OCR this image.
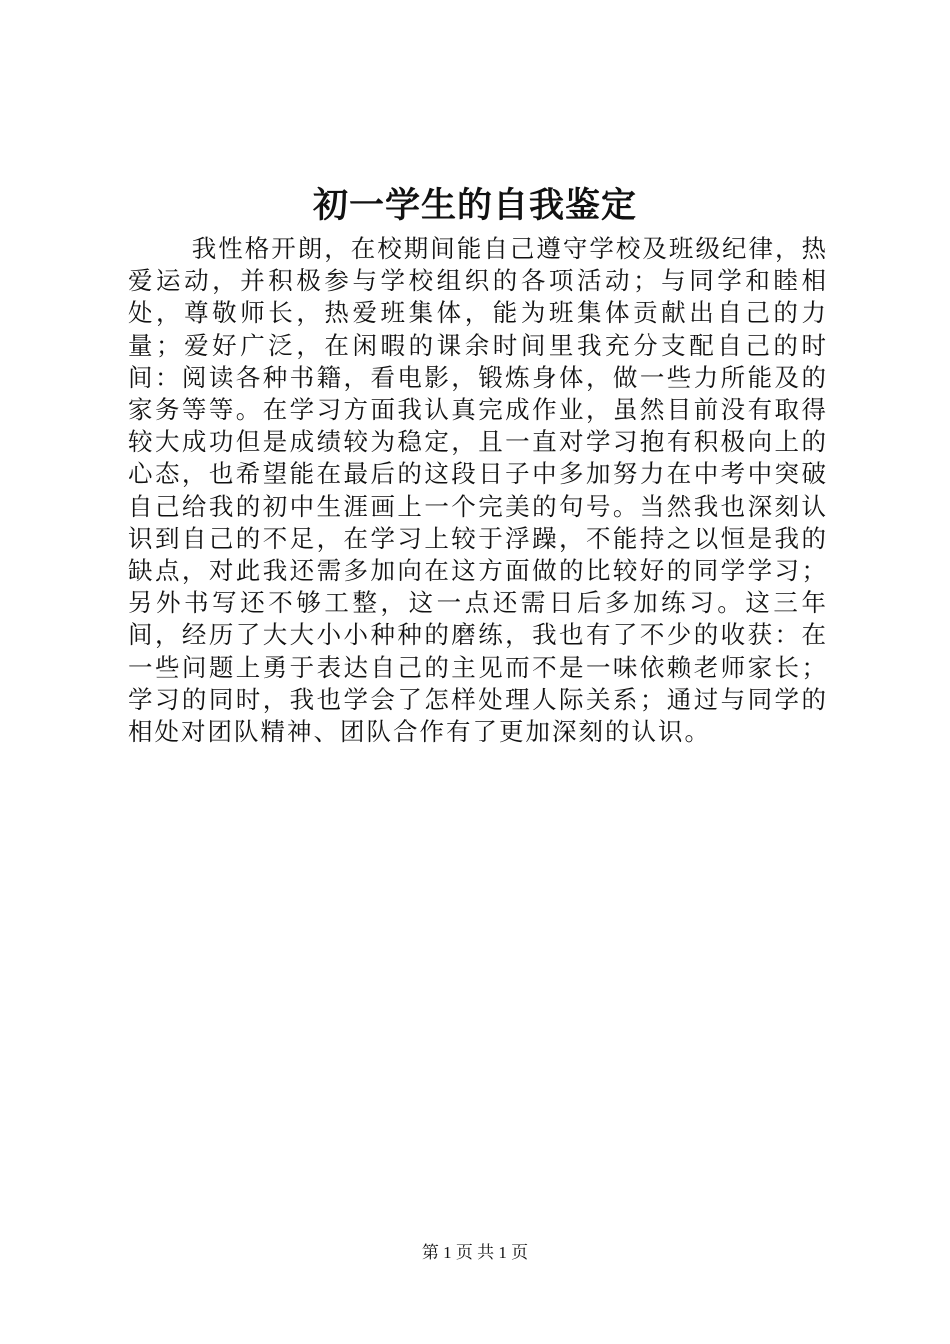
初一学生的自我鉴定
我性格开朗，在校期间能自己遵守学校及班级纪律，热爱运动，并积极参与学校组织的各项活动；与同学和睦相处，尊敬师长，热爱班集体，能为班集体贡献出自己的力量；爱好广泛，在闲暇的课余时间里我充分支配自己的时间：阅读各种书籍，看电影，锻炼身体，做一些力所能及的家务等等。在学习方面我认真完成作业，虽然目前没有取得较大成功但是成绩较为稳定，且一直对学习抱有积极向上的心态，也希望能在最后的这段日子中多加努力在中考中突破自己给我的初中生涯画上一个完美的句号。当然我也深刻认识到自己的不足，在学习上较于浮躁，不能持之以恒是我的缺点，对此我还需多加向在这方面做的比较好的同学学习；另外书写还不够工整，这一点还需日后多加练习。这三年间，经历了大大小小种种的磨练，我也有了不少的收获：在一些问题上勇于表达自己的主见而不是一味依赖老师家长；学习的同时，我也学会了怎样处理人际关系；通过与同学的相处对团队精神、团队合作有了更加深刻的认识。
第 1 页 共 1 页
